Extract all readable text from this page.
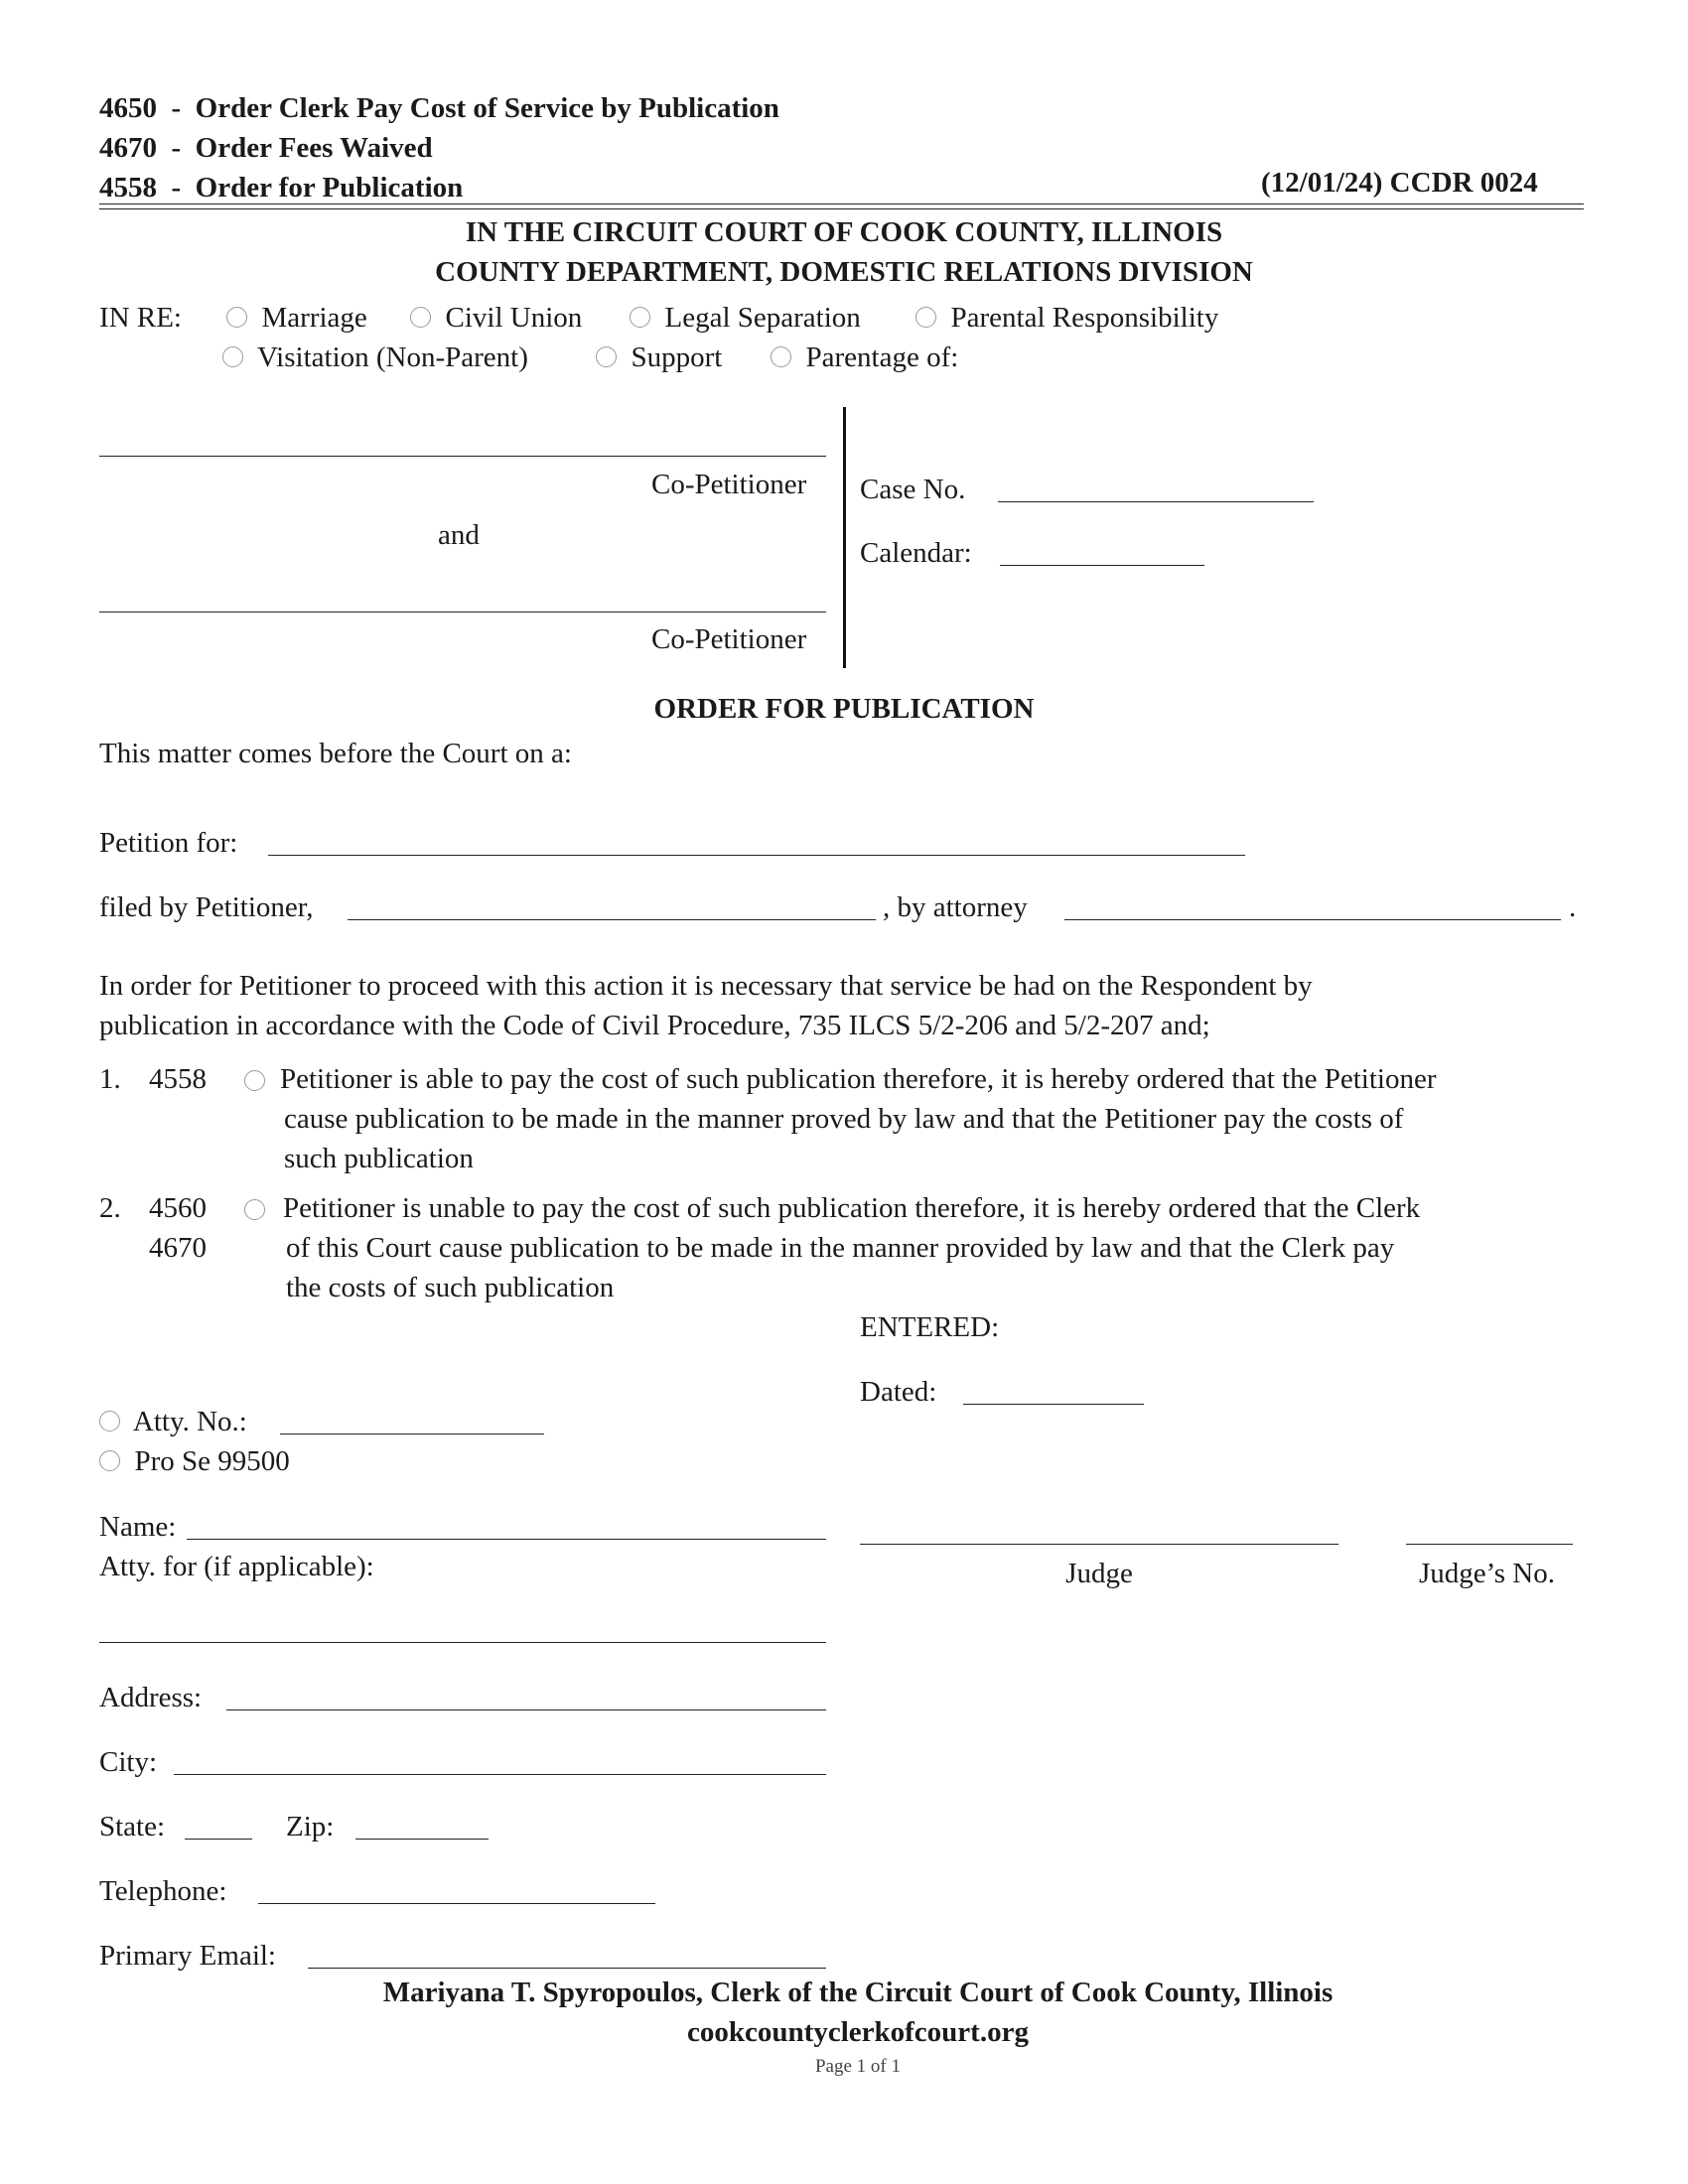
4650  -  Order Clerk Pay Cost of Service by Publication
4670  -  Order Fees Waived
4558  -  Order for Publication	(12/01/24) CCDR 0024
IN THE CIRCUIT COURT OF COOK COUNTY, ILLINOIS
COUNTY DEPARTMENT, DOMESTIC RELATIONS DIVISION
IN RE:	Marriage	Civil Union	Legal Separation	Parental Responsibility
Visitation (Non-Parent)	Support	Parentage of:
Co-Petitioner
and
Co-Petitioner
Case No.
Calendar:
ORDER FOR PUBLICATION
This matter comes before the Court on a:
Petition for:
filed by Petitioner,	, by attorney	.
In order for Petitioner to proceed with this action it is necessary that service be had on the Respondent by
publication in accordance with the Code of Civil Procedure, 735 ILCS 5/2-206 and 5/2-207 and;
1. 4558	Petitioner is able to pay the cost of such publication therefore, it is hereby ordered that the Petitioner
cause publication to be made in the manner proved by law and that the Petitioner pay the costs of
such publication
2. 4560
4670
Petitioner is unable to pay the cost of such publication therefore, it is hereby ordered that the Clerk
of this Court cause publication to be made in the manner provided by law and that the Clerk pay
the costs of such publication
ENTERED:
Dated:
Judge	Judge’s No.
Atty. No.:
Pro Se 99500
Name:
Atty. for (if applicable):
Address:
City:
State:	Zip:
Telephone:
Primary Email:
Mariyana T. Spyropoulos, Clerk of the Circuit Court of Cook County, Illinois
cookcountyclerkofcourt.org
Page 1 of 1
